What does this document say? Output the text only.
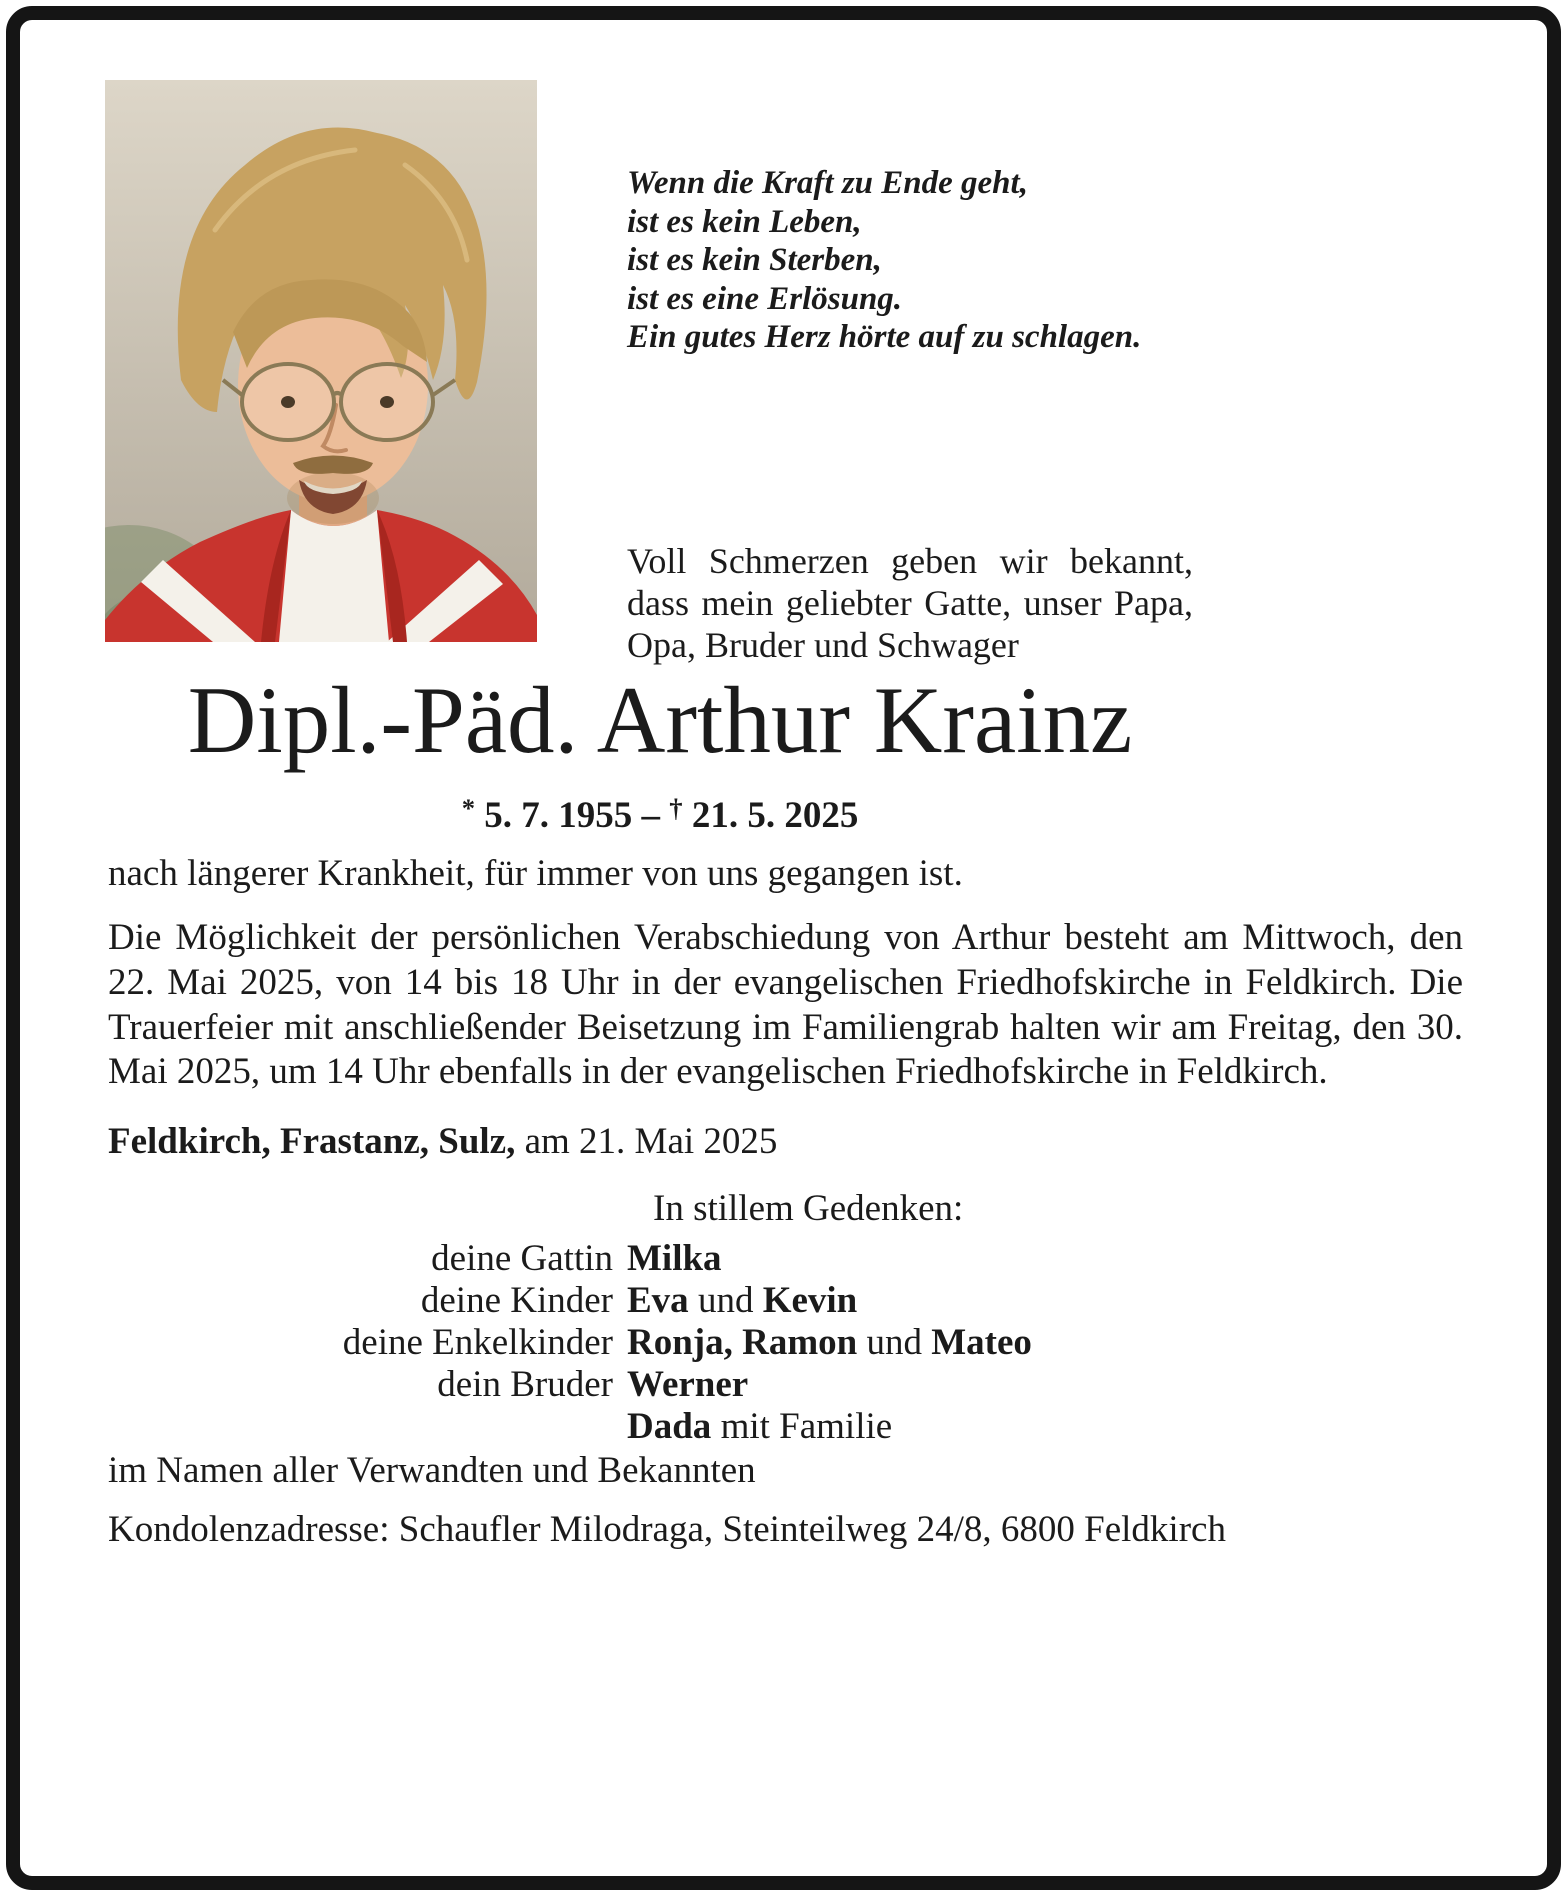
Wenn die Kraft zu Ende geht,
ist es kein Leben,
ist es kein Sterben,
ist es eine Erlösung.
Ein gutes Herz hörte auf zu schlagen.
Voll Schmerzen geben wir bekannt, dass mein geliebter Gatte, unser Papa, Opa, Bruder und Schwager
Dipl.-Päd. Arthur Krainz
* 5. 7. 1955 – † 21. 5. 2025
nach längerer Krankheit, für immer von uns gegangen ist.
Die Möglichkeit der persönlichen Verabschiedung von Arthur besteht am Mittwoch, den 22. Mai 2025, von 14 bis 18 Uhr in der evangelischen Friedhofskirche in Feldkirch. Die Trauerfeier mit anschließender Beisetzung im Familiengrab halten wir am Freitag, den 30. Mai 2025, um 14 Uhr ebenfalls in der evangelischen Friedhofskirche in Feldkirch.
Feldkirch, Frastanz, Sulz, am 21. Mai 2025
In stillem Gedenken:
deine Gattin Milka
deine Kinder Eva und Kevin
deine Enkelkinder Ronja, Ramon und Mateo
dein Bruder Werner
Dada mit Familie
im Namen aller Verwandten und Bekannten
Kondolenzadresse: Schaufler Milodraga, Steinteilweg 24/8, 6800 Feldkirch
